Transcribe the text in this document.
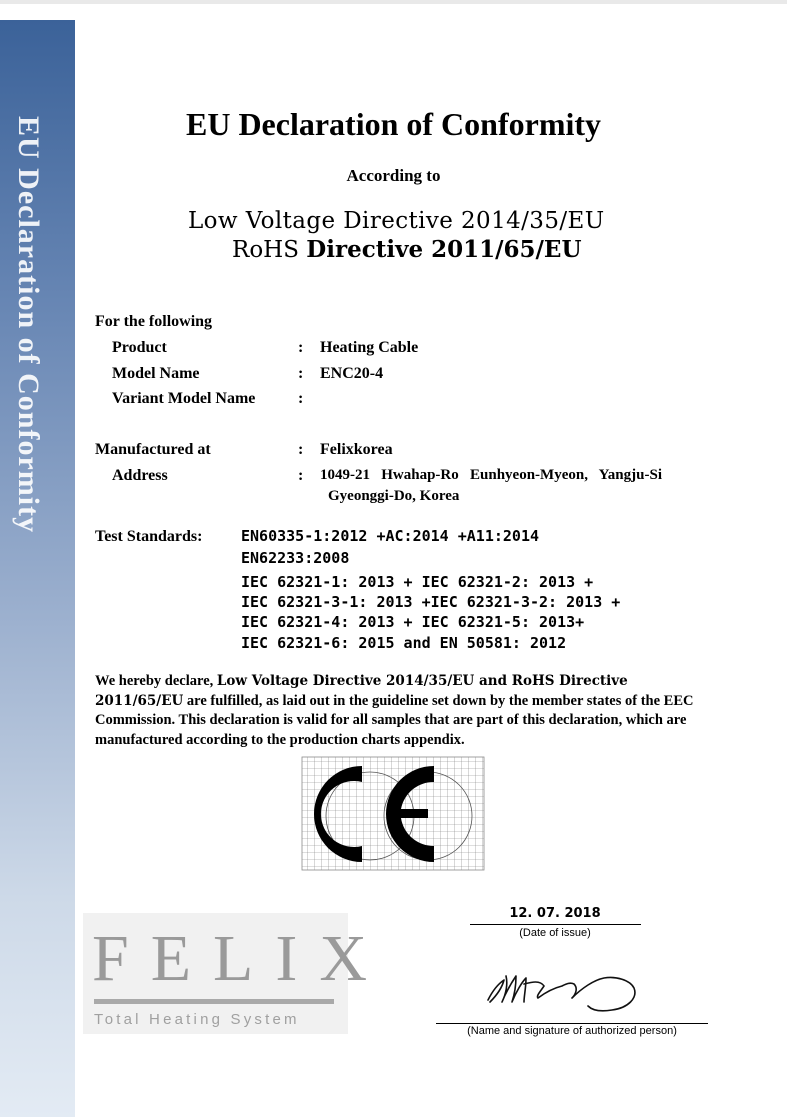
EU Declaration of Conformity	EU Declaration of Conformity
According to
Low Voltage Directive 2014/35/EU
RoHS Directive 2011/65/EU
For the following
Product	: Heating Cable
Model Name	: ENC20-4
Variant Model Name	:
Manufactured at	: Felixkorea
Address	: 1049-21   Hwahap-Ro   Eunhyeon-Myeon,   Yangju-Si
Gyeonggi-Do, Korea
Test Standards:	EN60335-1:2012 +AC:2014 +A11:2014
EN62233:2008
IEC 62321-1: 2013 + IEC 62321-2: 2013 +
IEC 62321-3-1: 2013 +IEC 62321-3-2: 2013 +
IEC 62321-4: 2013 + IEC 62321-5: 2013+
IEC 62321-6: 2015 and EN 50581: 2012
We hereby declare, Low Voltage Directive 2014/35/EU and RoHS Directive 2011/65/EU are fulfilled, as laid out in the guideline set down by the member states of the EEC Commission. This declaration is valid for all samples that are part of this declaration, which are manufactured according to the production charts appendix.
12. 07. 2018
(Date of issue)
(Name and signature of authorized person)
FELIX
Total Heating System
